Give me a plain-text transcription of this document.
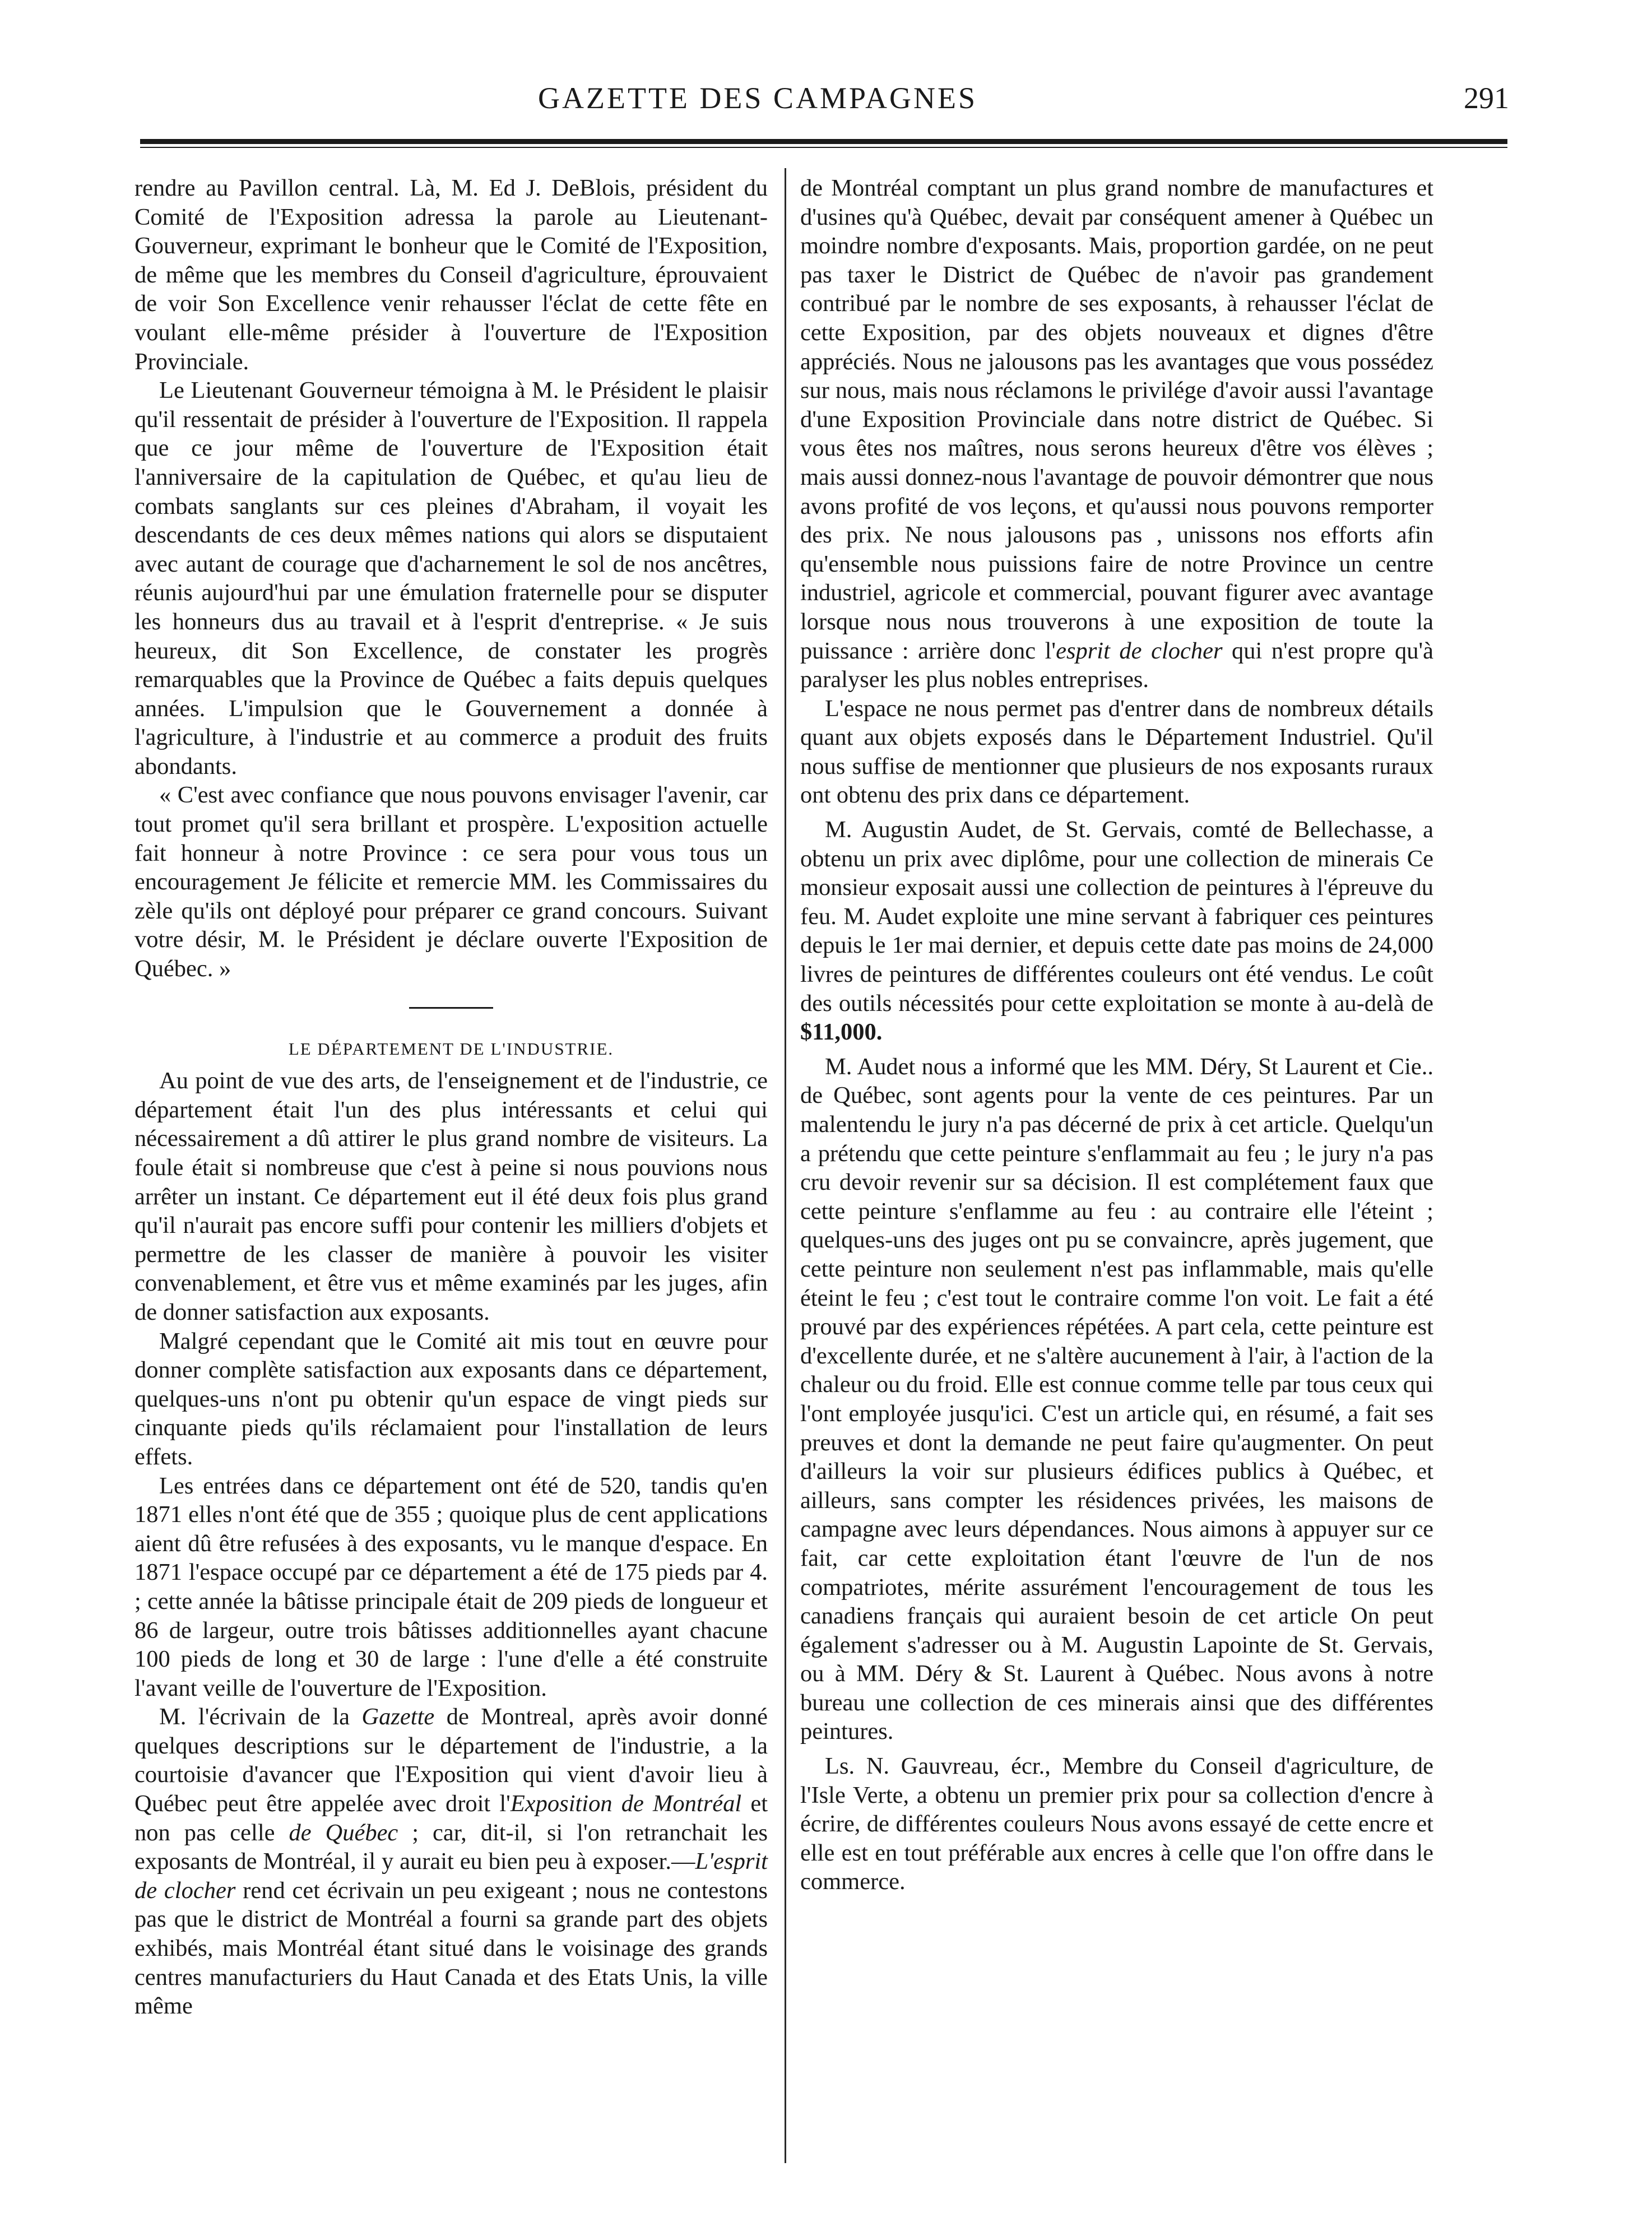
GAZETTE DES CAMPAGNES	291

rendre au Pavillon central. Là, M. Ed J. DeBlois, président du Comité de l'Exposition adressa la parole au Lieutenant-Gouverneur, exprimant le bonheur que le Comité de l'Exposition, de même que les membres du Conseil d'agriculture, éprouvaient de voir Son Excellence venir rehausser l'éclat de cette fête en voulant elle-même présider à l'ouverture de l'Exposition Provinciale.

Le Lieutenant Gouverneur témoigna à M. le Président le plaisir qu'il ressentait de présider à l'ouverture de l'Exposition. Il rappela que ce jour même de l'ouverture de l'Exposition était l'anniversaire de la capitulation de Québec, et qu'au lieu de combats sanglants sur ces pleines d'Abraham, il voyait les descendants de ces deux mêmes nations qui alors se disputaient avec autant de courage que d'acharnement le sol de nos ancêtres, réunis aujourd'hui par une émulation fraternelle pour se disputer les honneurs dus au travail et à l'esprit d'entreprise. « Je suis heureux, dit Son Excellence, de constater les progrès remarquables que la Province de Québec a faits depuis quelques années. L'impulsion que le Gouvernement a donnée à l'agriculture, à l'industrie et au commerce a produit des fruits abondants.

« C'est avec confiance que nous pouvons envisager l'avenir, car tout promet qu'il sera brillant et prospère. L'exposition actuelle fait honneur à notre Province : ce sera pour vous tous un encouragement Je félicite et remercie MM. les Commissaires du zèle qu'ils ont déployé pour préparer ce grand concours. Suivant votre désir, M. le Président je déclare ouverte l'Exposition de Québec. »

LE DÉPARTEMENT DE L'INDUSTRIE.

Au point de vue des arts, de l'enseignement et de l'industrie, ce département était l'un des plus intéressants et celui qui nécessairement a dû attirer le plus grand nombre de visiteurs. La foule était si nombreuse que c'est à peine si nous pouvions nous arrêter un instant. Ce département eut il été deux fois plus grand qu'il n'aurait pas encore suffi pour contenir les milliers d'objets et permettre de les classer de manière à pouvoir les visiter convenablement, et être vus et même examinés par les juges, afin de donner satisfaction aux exposants.

Malgré cependant que le Comité ait mis tout en œuvre pour donner complète satisfaction aux exposants dans ce département, quelques-uns n'ont pu obtenir qu'un espace de vingt pieds sur cinquante pieds qu'ils réclamaient pour l'installation de leurs effets.

Les entrées dans ce département ont été de 520, tandis qu'en 1871 elles n'ont été que de 355 ; quoique plus de cent applications aient dû être refusées à des exposants, vu le manque d'espace. En 1871 l'espace occupé par ce département a été de 175 pieds par 4. ; cette année la bâtisse principale était de 209 pieds de longueur et 86 de largeur, outre trois bâtisses additionnelles ayant chacune 100 pieds de long et 30 de large : l'une d'elle a été construite l'avant veille de l'ouverture de l'Exposition.

M. l'écrivain de la Gazette de Montreal, après avoir donné quelques descriptions sur le département de l'industrie, a la courtoisie d'avancer que l'Exposition qui vient d'avoir lieu à Québec peut être appelée avec droit l'Exposition de Montréal et non pas celle de Québec ; car, dit-il, si l'on retranchait les exposants de Montréal, il y aurait eu bien peu à exposer.—L'esprit de clocher rend cet écrivain un peu exigeant ; nous ne contestons pas que le district de Montréal a fourni sa grande part des objets exhibés, mais Montréal étant situé dans le voisinage des grands centres manufacturiers du Haut Canada et des Etats Unis, la ville même

de Montréal comptant un plus grand nombre de manufactures et d'usines qu'à Québec, devait par conséquent amener à Québec un moindre nombre d'exposants. Mais, proportion gardée, on ne peut pas taxer le District de Québec de n'avoir pas grandement contribué par le nombre de ses exposants, à rehausser l'éclat de cette Exposition, par des objets nouveaux et dignes d'être appréciés. Nous ne jalousons pas les avantages que vous possédez sur nous, mais nous réclamons le privilége d'avoir aussi l'avantage d'une Exposition Provinciale dans notre district de Québec. Si vous êtes nos maîtres, nous serons heureux d'être vos élèves ; mais aussi donnez-nous l'avantage de pouvoir démontrer que nous avons profité de vos leçons, et qu'aussi nous pouvons remporter des prix. Ne nous jalousons pas , unissons nos efforts afin qu'ensemble nous puissions faire de notre Province un centre industriel, agricole et commercial, pouvant figurer avec avantage lorsque nous nous trouverons à une exposition de toute la puissance : arrière donc l'esprit de clocher qui n'est propre qu'à paralyser les plus nobles entreprises.

L'espace ne nous permet pas d'entrer dans de nombreux détails quant aux objets exposés dans le Département Industriel. Qu'il nous suffise de mentionner que plusieurs de nos exposants ruraux ont obtenu des prix dans ce département.

M. Augustin Audet, de St. Gervais, comté de Bellechasse, a obtenu un prix avec diplôme, pour une collection de minerais Ce monsieur exposait aussi une collection de peintures à l'épreuve du feu. M. Audet exploite une mine servant à fabriquer ces peintures depuis le 1er mai dernier, et depuis cette date pas moins de 24,000 livres de peintures de différentes couleurs ont été vendus. Le coût des outils nécessités pour cette exploitation se monte à au-delà de $11,000.

M. Audet nous a informé que les MM. Déry, St Laurent et Cie.. de Québec, sont agents pour la vente de ces peintures. Par un malentendu le jury n'a pas décerné de prix à cet article. Quelqu'un a prétendu que cette peinture s'enflammait au feu ; le jury n'a pas cru devoir revenir sur sa décision. Il est complétement faux que cette peinture s'enflamme au feu : au contraire elle l'éteint ; quelques-uns des juges ont pu se convaincre, après jugement, que cette peinture non seulement n'est pas inflammable, mais qu'elle éteint le feu ; c'est tout le contraire comme l'on voit. Le fait a été prouvé par des expériences répétées. A part cela, cette peinture est d'excellente durée, et ne s'altère aucunement à l'air, à l'action de la chaleur ou du froid. Elle est connue comme telle par tous ceux qui l'ont employée jusqu'ici. C'est un article qui, en résumé, a fait ses preuves et dont la demande ne peut faire qu'augmenter. On peut d'ailleurs la voir sur plusieurs édifices publics à Québec, et ailleurs, sans compter les résidences privées, les maisons de campagne avec leurs dépendances. Nous aimons à appuyer sur ce fait, car cette exploitation étant l'œuvre de l'un de nos compatriotes, mérite assurément l'encouragement de tous les canadiens français qui auraient besoin de cet article On peut également s'adresser ou à M. Augustin Lapointe de St. Gervais, ou à MM. Déry & St. Laurent à Québec. Nous avons à notre bureau une collection de ces minerais ainsi que des différentes peintures.

Ls. N. Gauvreau, écr., Membre du Conseil d'agriculture, de l'Isle Verte, a obtenu un premier prix pour sa collection d'encre à écrire, de différentes couleurs Nous avons essayé de cette encre et elle est en tout préférable aux encres à celle que l'on offre dans le commerce.
